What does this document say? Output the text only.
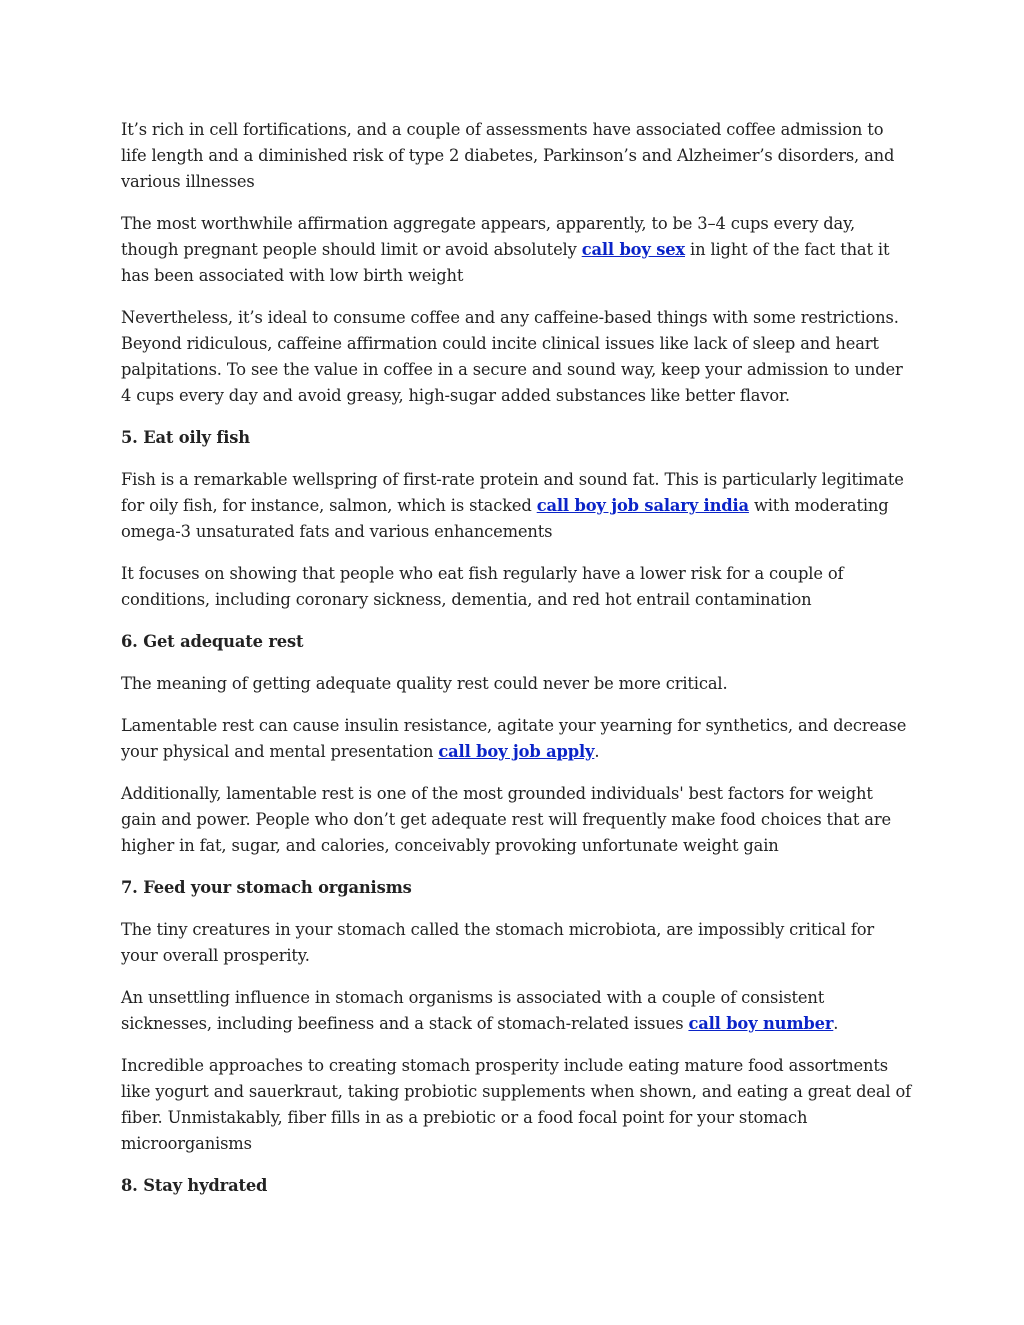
It’s rich in cell fortifications, and a couple of assessments have associated coffee admission to life length and a diminished risk of type 2 diabetes, Parkinson’s and Alzheimer’s disorders, and various illnesses

The most worthwhile affirmation aggregate appears, apparently, to be 3–4 cups every day, though pregnant people should limit or avoid absolutely call boy sex in light of the fact that it has been associated with low birth weight

Nevertheless, it’s ideal to consume coffee and any caffeine-based things with some restrictions. Beyond ridiculous, caffeine affirmation could incite clinical issues like lack of sleep and heart palpitations. To see the value in coffee in a secure and sound way, keep your admission to under 4 cups every day and avoid greasy, high-sugar added substances like better flavor.

5. Eat oily fish

Fish is a remarkable wellspring of first-rate protein and sound fat. This is particularly legitimate for oily fish, for instance, salmon, which is stacked call boy job salary india with moderating omega-3 unsaturated fats and various enhancements

It focuses on showing that people who eat fish regularly have a lower risk for a couple of conditions, including coronary sickness, dementia, and red hot entrail contamination

6. Get adequate rest

The meaning of getting adequate quality rest could never be more critical.

Lamentable rest can cause insulin resistance, agitate your yearning for synthetics, and decrease your physical and mental presentation call boy job apply.

Additionally, lamentable rest is one of the most grounded individuals' best factors for weight gain and power. People who don’t get adequate rest will frequently make food choices that are higher in fat, sugar, and calories, conceivably provoking unfortunate weight gain

7. Feed your stomach organisms

The tiny creatures in your stomach called the stomach microbiota, are impossibly critical for your overall prosperity.

An unsettling influence in stomach organisms is associated with a couple of consistent sicknesses, including beefiness and a stack of stomach-related issues call boy number.

Incredible approaches to creating stomach prosperity include eating mature food assortments like yogurt and sauerkraut, taking probiotic supplements when shown, and eating a great deal of fiber. Unmistakably, fiber fills in as a prebiotic or a food focal point for your stomach microorganisms

8. Stay hydrated
